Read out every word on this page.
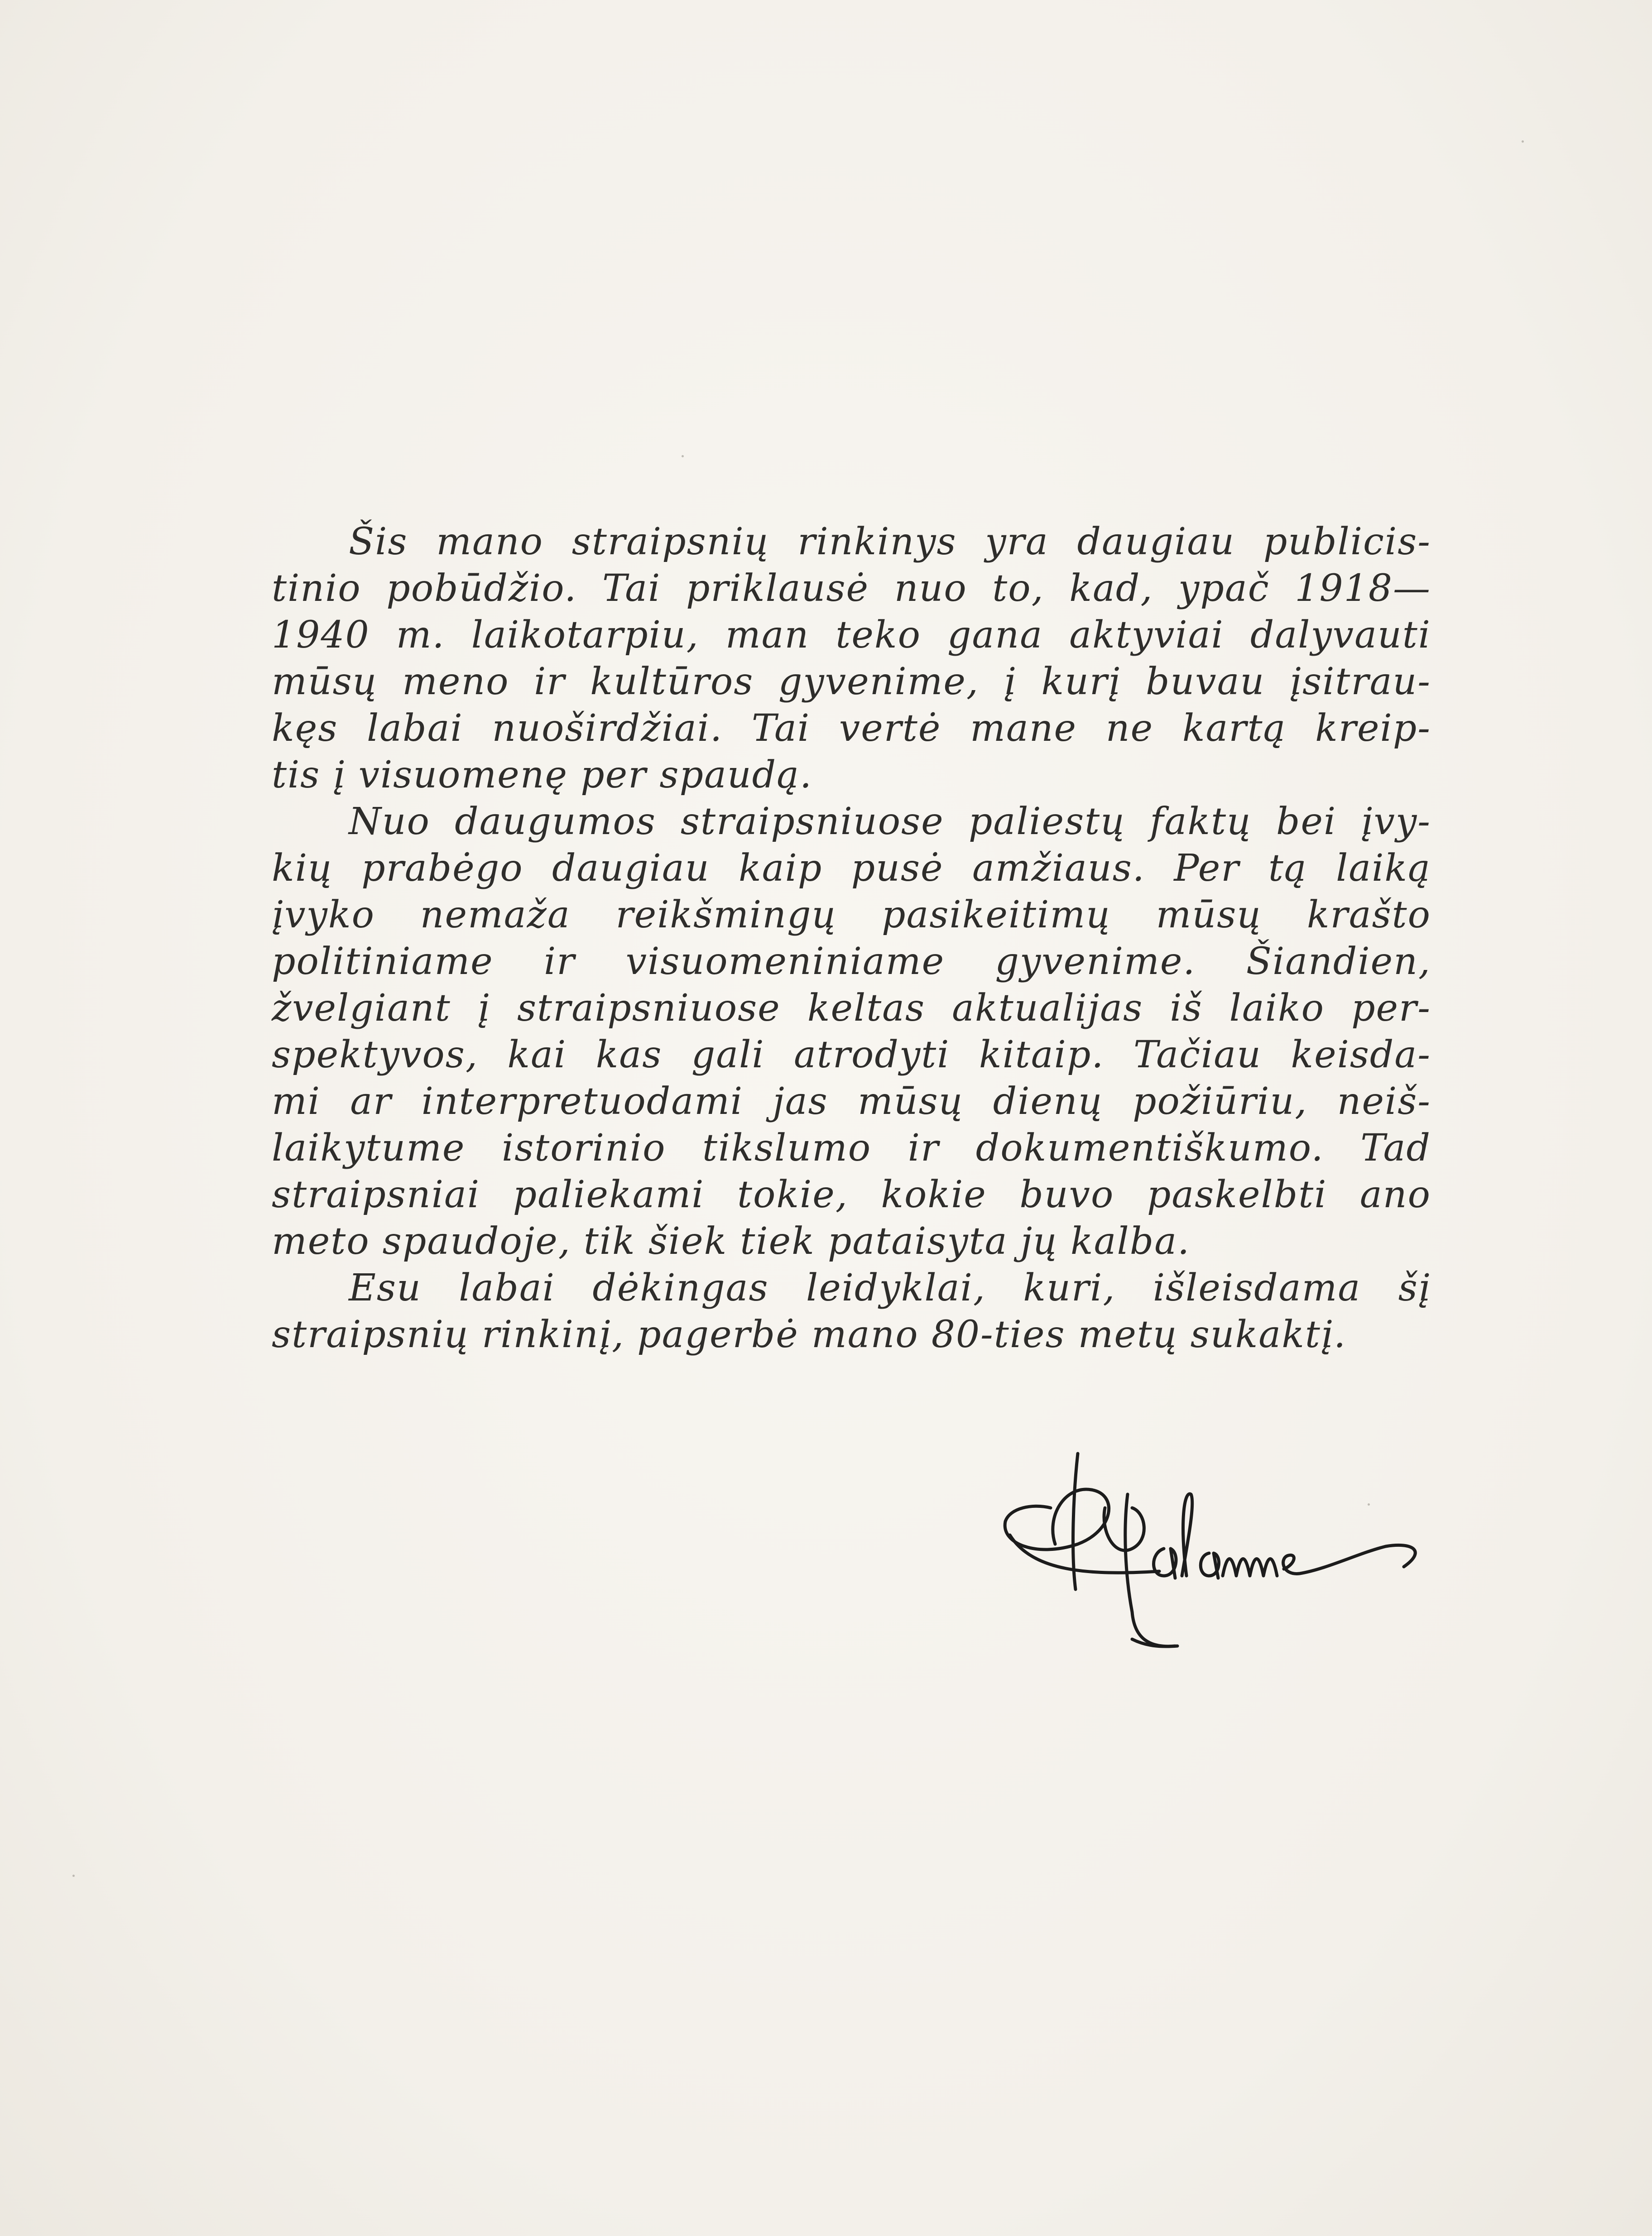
Šis mano straipsnių rinkinys yra daugiau publicis-
tinio pobūdžio. Tai priklausė nuo to, kad, ypač 1918—
1940 m. laikotarpiu, man teko gana aktyviai dalyvauti
mūsų meno ir kultūros gyvenime, į kurį buvau įsitrau-
kęs labai nuoširdžiai. Tai vertė mane ne kartą kreip-
tis į visuomenę per spaudą.
Nuo daugumos straipsniuose paliestų faktų bei įvy-
kių prabėgo daugiau kaip pusė amžiaus. Per tą laiką
įvyko nemaža reikšmingų pasikeitimų mūsų krašto
politiniame ir visuomeniniame gyvenime. Šiandien,
žvelgiant į straipsniuose keltas aktualijas iš laiko per-
spektyvos, kai kas gali atrodyti kitaip. Tačiau keisda-
mi ar interpretuodami jas mūsų dienų požiūriu, neiš-
laikytume istorinio tikslumo ir dokumentiškumo. Tad
straipsniai paliekami tokie, kokie buvo paskelbti ano
meto spaudoje, tik šiek tiek pataisyta jų kalba.
Esu labai dėkingas leidyklai, kuri, išleisdama šį
straipsnių rinkinį, pagerbė mano 80-ties metų sukaktį.
